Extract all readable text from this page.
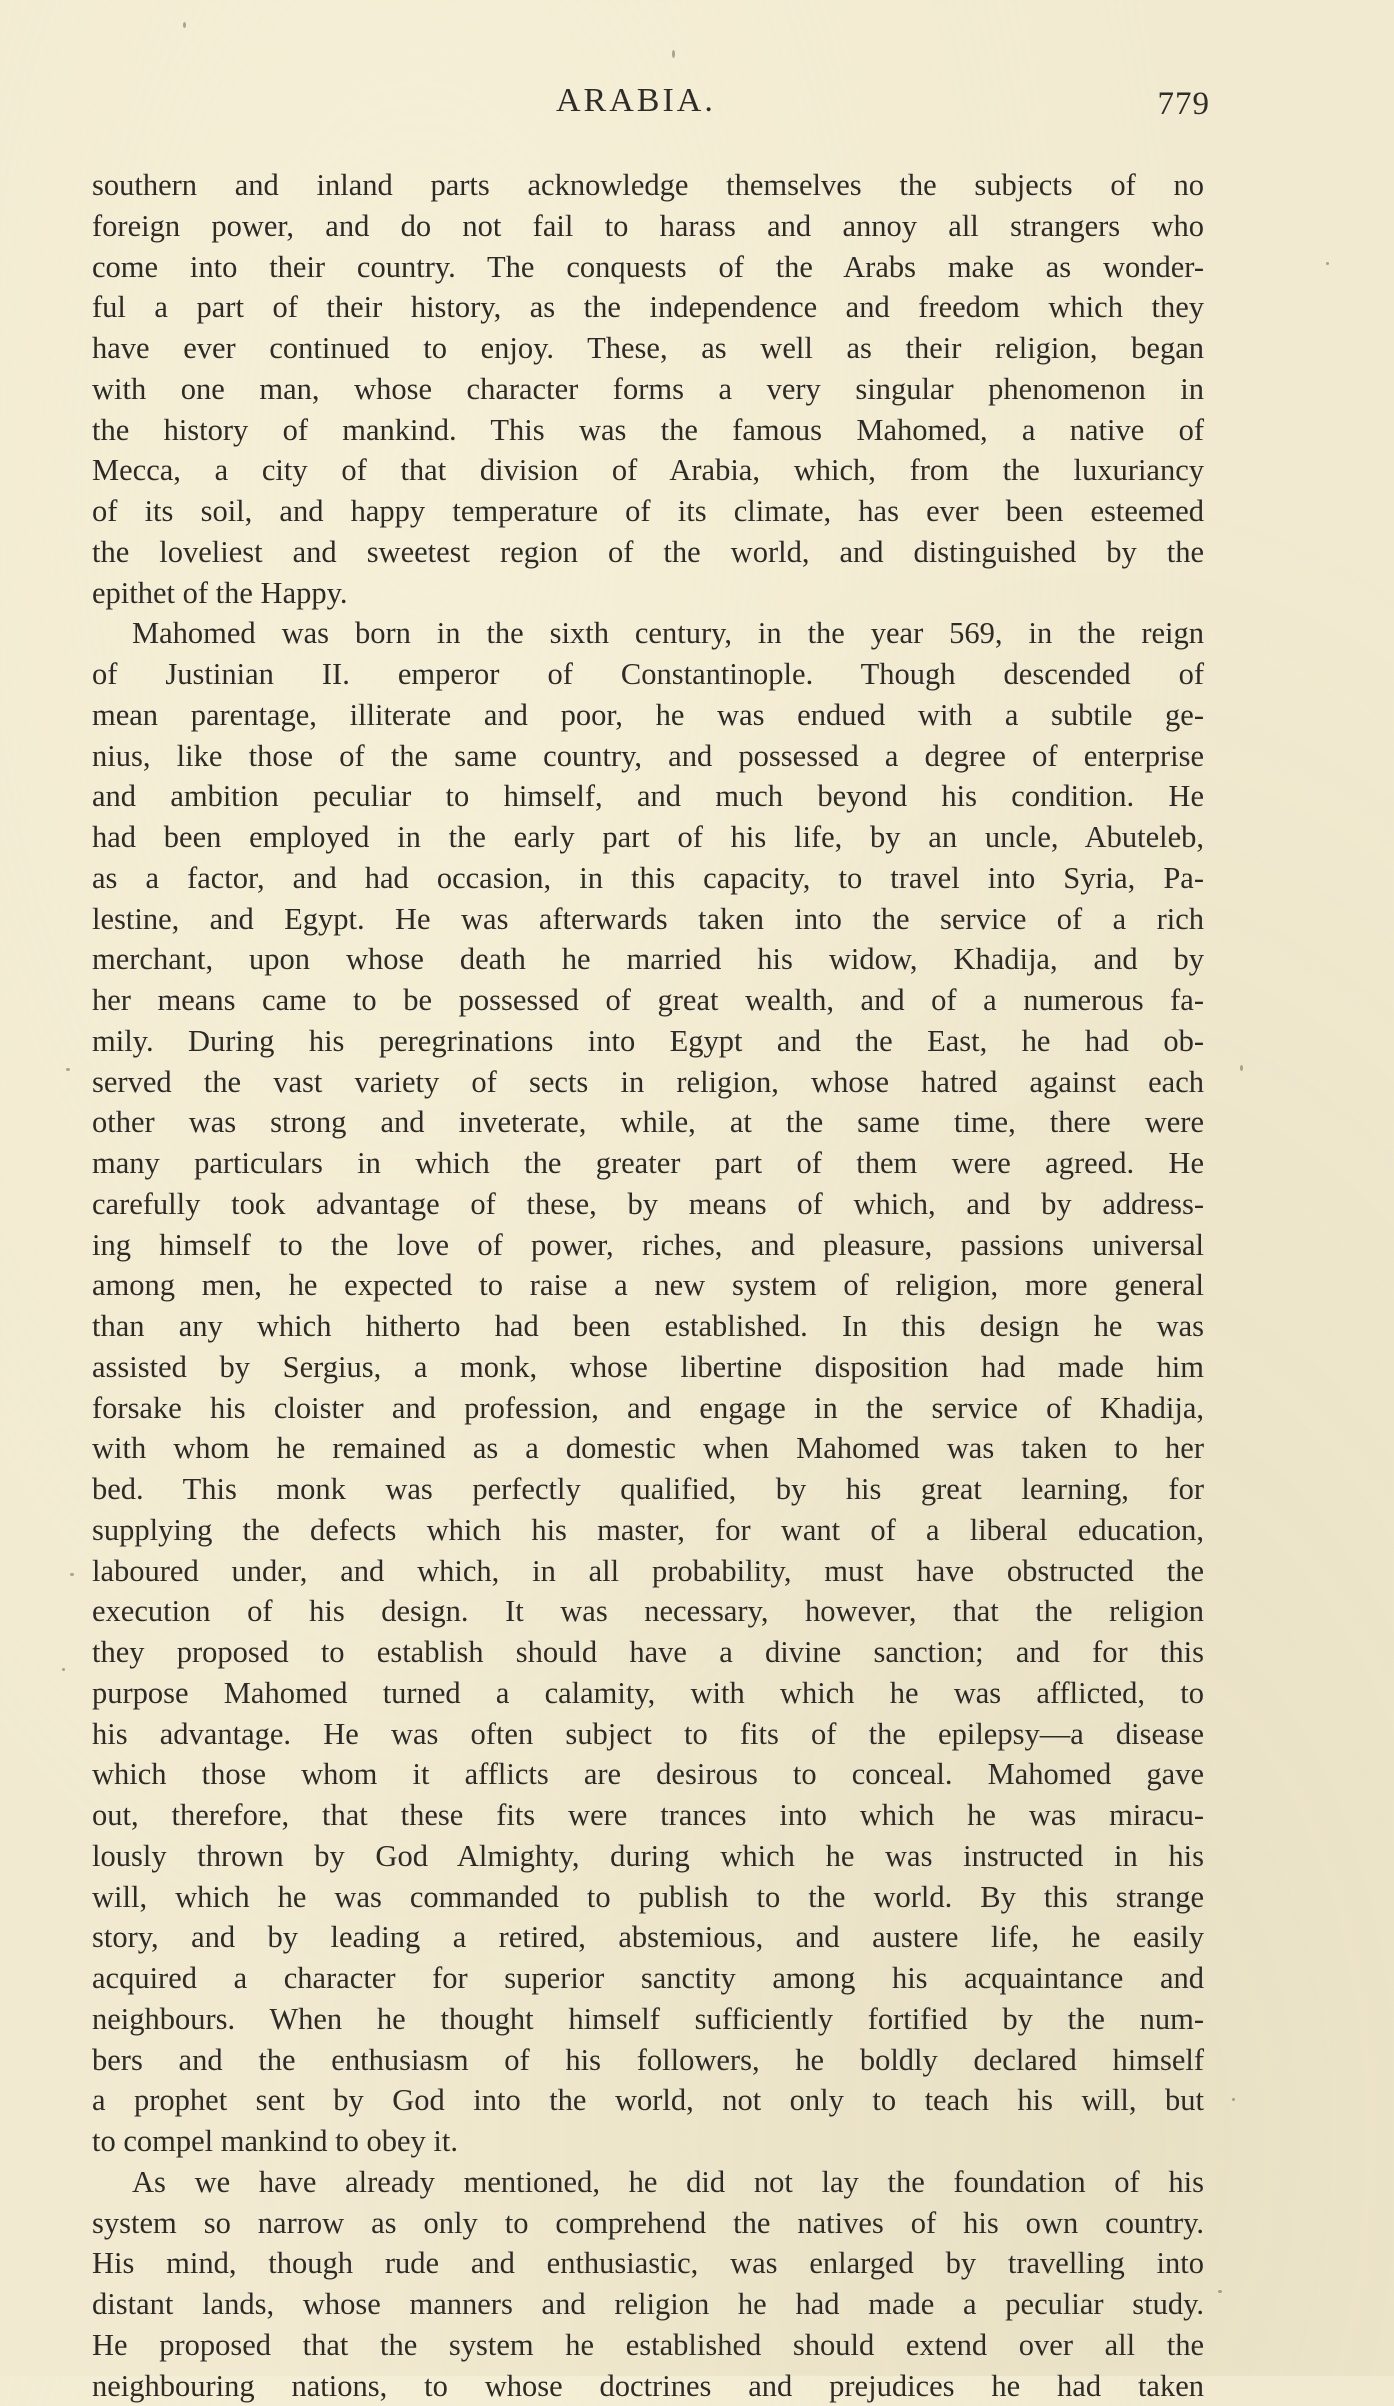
ARABIA.	779
southern and inland parts acknowledge themselves the subjects of no
foreign power, and do not fail to harass and annoy all strangers who
come into their country. The conquests of the Arabs make as wonder-
ful a part of their history, as the independence and freedom which they
have ever continued to enjoy. These, as well as their religion, began
with one man, whose character forms a very singular phenomenon in
the history of mankind. This was the famous Mahomed, a native of
Mecca, a city of that division of Arabia, which, from the luxuriancy
of its soil, and happy temperature of its climate, has ever been esteemed
the loveliest and sweetest region of the world, and distinguished by the
epithet of the Happy.
Mahomed was born in the sixth century, in the year 569, in the reign
of Justinian II. emperor of Constantinople. Though descended of
mean parentage, illiterate and poor, he was endued with a subtile ge-
nius, like those of the same country, and possessed a degree of enterprise
and ambition peculiar to himself, and much beyond his condition. He
had been employed in the early part of his life, by an uncle, Abuteleb,
as a factor, and had occasion, in this capacity, to travel into Syria, Pa-
lestine, and Egypt. He was afterwards taken into the service of a rich
merchant, upon whose death he married his widow, Khadija, and by
her means came to be possessed of great wealth, and of a numerous fa-
mily. During his peregrinations into Egypt and the East, he had ob-
served the vast variety of sects in religion, whose hatred against each
other was strong and inveterate, while, at the same time, there were
many particulars in which the greater part of them were agreed. He
carefully took advantage of these, by means of which, and by address-
ing himself to the love of power, riches, and pleasure, passions universal
among men, he expected to raise a new system of religion, more general
than any which hitherto had been established. In this design he was
assisted by Sergius, a monk, whose libertine disposition had made him
forsake his cloister and profession, and engage in the service of Khadija,
with whom he remained as a domestic when Mahomed was taken to her
bed. This monk was perfectly qualified, by his great learning, for
supplying the defects which his master, for want of a liberal education,
laboured under, and which, in all probability, must have obstructed the
execution of his design. It was necessary, however, that the religion
they proposed to establish should have a divine sanction; and for this
purpose Mahomed turned a calamity, with which he was afflicted, to
his advantage. He was often subject to fits of the epilepsy—a disease
which those whom it afflicts are desirous to conceal. Mahomed gave
out, therefore, that these fits were trances into which he was miracu-
lously thrown by God Almighty, during which he was instructed in his
will, which he was commanded to publish to the world. By this strange
story, and by leading a retired, abstemious, and austere life, he easily
acquired a character for superior sanctity among his acquaintance and
neighbours. When he thought himself sufficiently fortified by the num-
bers and the enthusiasm of his followers, he boldly declared himself
a prophet sent by God into the world, not only to teach his will, but
to compel mankind to obey it.
As we have already mentioned, he did not lay the foundation of his
system so narrow as only to comprehend the natives of his own country.
His mind, though rude and enthusiastic, was enlarged by travelling into
distant lands, whose manners and religion he had made a peculiar study.
He proposed that the system he established should extend over all the
neighbouring nations, to whose doctrines and prejudices he had taken
